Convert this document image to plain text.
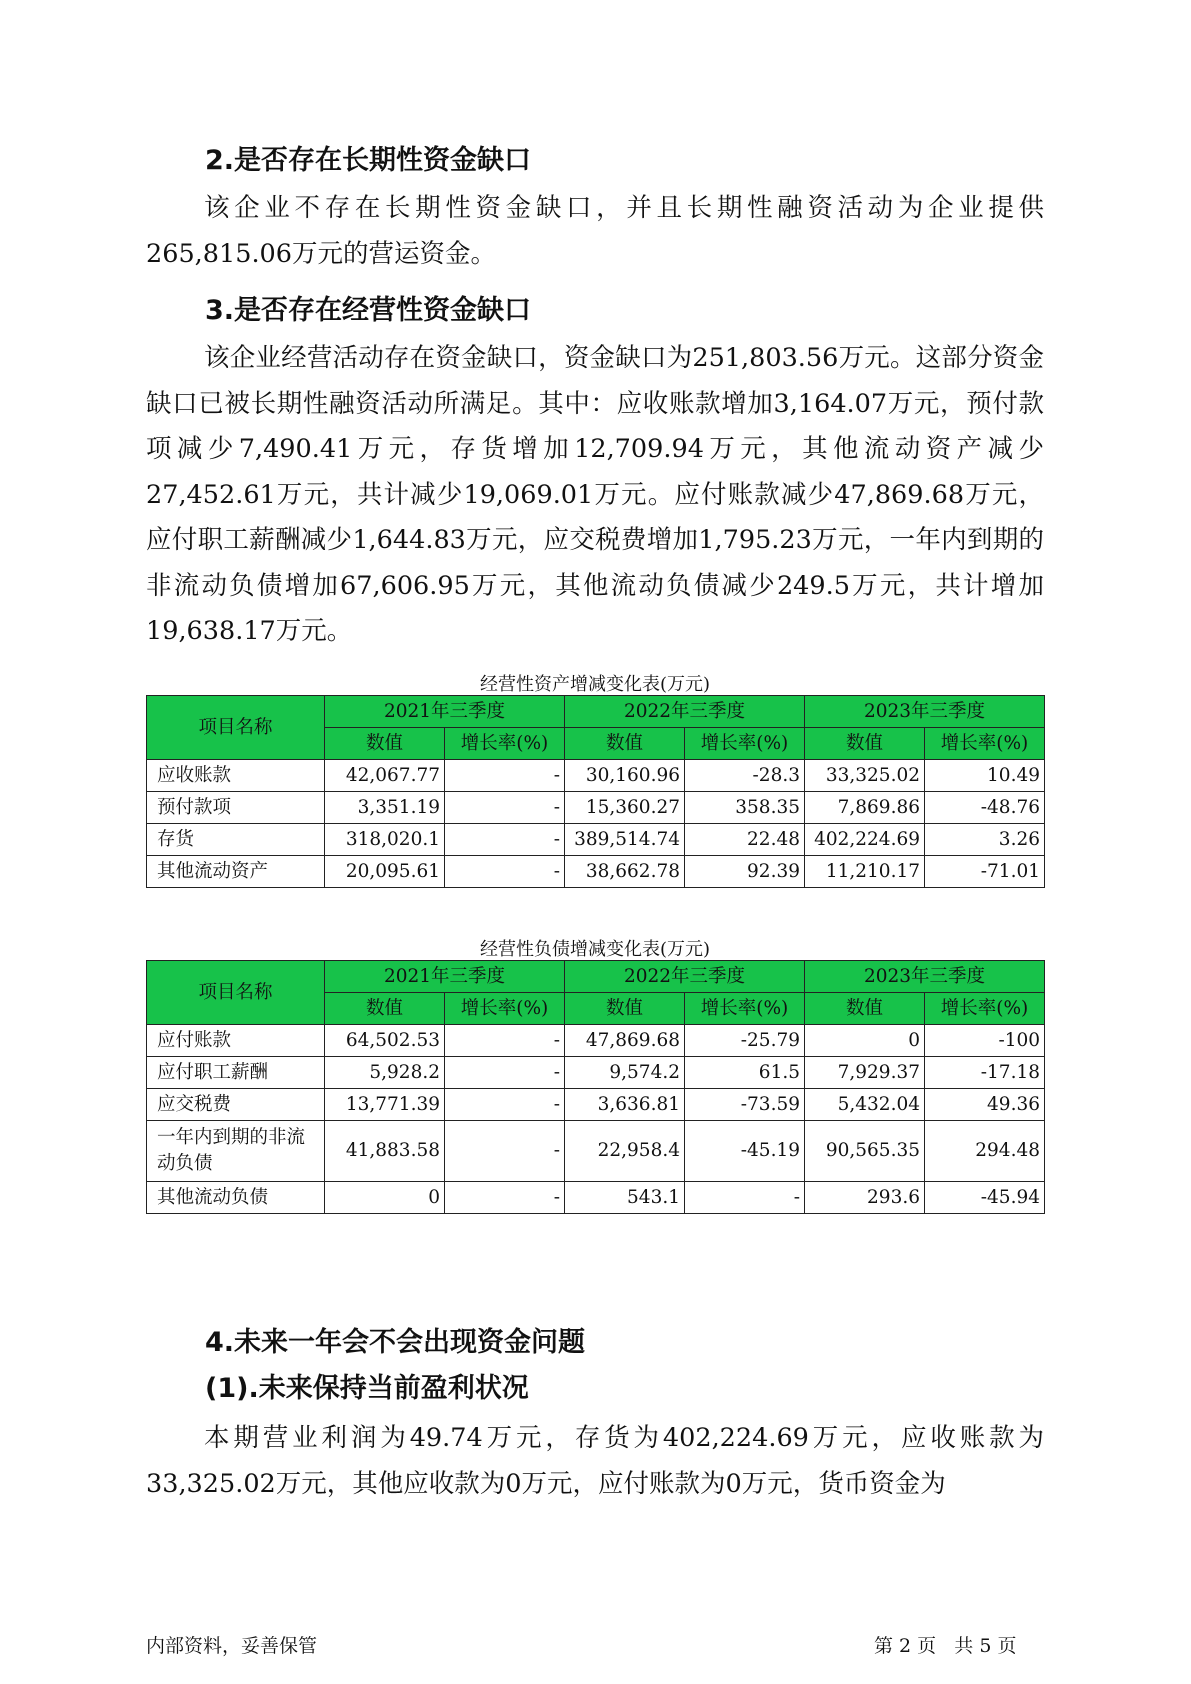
2.是否存在长期性资金缺口

该企业不存在长期性资金缺口，并且长期性融资活动为企业提供265,815.06万元的营运资金。

3.是否存在经营性资金缺口

该企业经营活动存在资金缺口，资金缺口为251,803.56万元。这部分资金缺口已被长期性融资活动所满足。其中：应收账款增加3,164.07万元，预付款项减少7,490.41万元，存货增加12,709.94万元，其他流动资产减少27,452.61万元，共计减少19,069.01万元。应付账款减少47,869.68万元，应付职工薪酬减少1,644.83万元，应交税费增加1,795.23万元，一年内到期的非流动负债增加67,606.95万元，其他流动负债减少249.5万元，共计增加19,638.17万元。

经营性资产增减变化表(万元)
项目名称	2021年三季度		2022年三季度		2023年三季度	
	数值	增长率(%)	数值	增长率(%)	数值	增长率(%)
应收账款	42,067.77	-	30,160.96	-28.3	33,325.02	10.49
预付款项	3,351.19	-	15,360.27	358.35	7,869.86	-48.76
存货	318,020.1	-	389,514.74	22.48	402,224.69	3.26
其他流动资产	20,095.61	-	38,662.78	92.39	11,210.17	-71.01
经营性负债增减变化表(万元)
项目名称	2021年三季度		2022年三季度		2023年三季度	
	数值	增长率(%)	数值	增长率(%)	数值	增长率(%)
应付账款	64,502.53	-	47,869.68	-25.79	0	-100
应付职工薪酬	5,928.2	-	9,574.2	61.5	7,929.37	-17.18
应交税费	13,771.39	-	3,636.81	-73.59	5,432.04	49.36
一年内到期的非流动负债	41,883.58	-	22,958.4	-45.19	90,565.35	294.48
其他流动负债	0	-	543.1	-	293.6	-45.94
4.未来一年会不会出现资金问题
(1).未来保持当前盈利状况

本期营业利润为49.74万元，存货为402,224.69万元，应收账款为33,325.02万元，其他应收款为0万元，应付账款为0万元，货币资金为

内部资料，妥善保管	第 2 页   共 5 页
